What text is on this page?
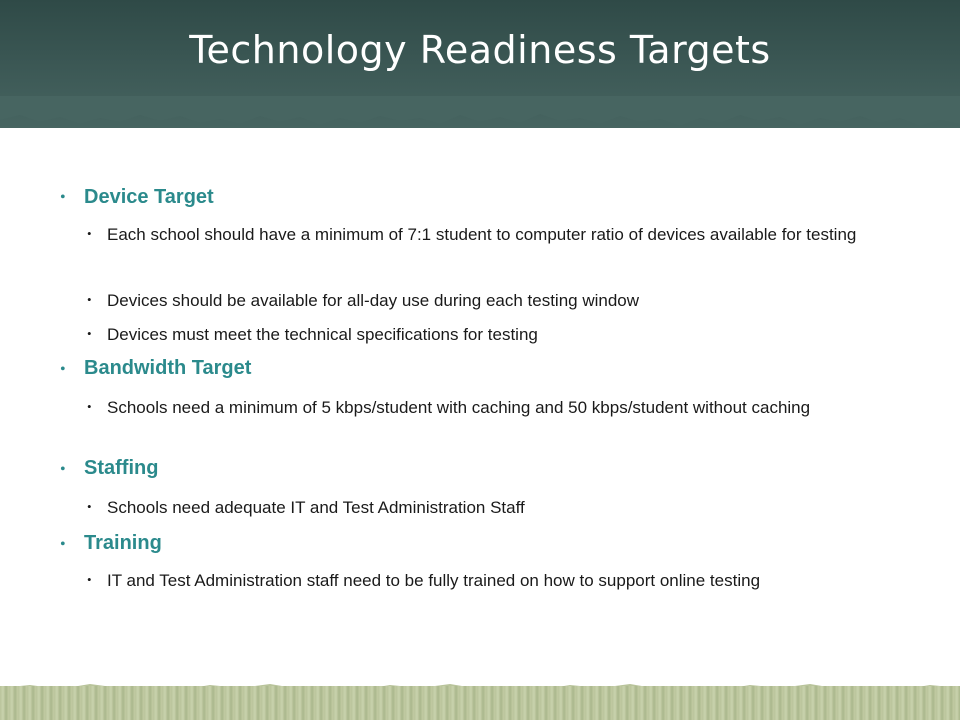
Technology Readiness Targets
• Device Target
• Each school should have a minimum of 7:1 student to computer ratio of devices available for testing
• Devices should be available for all-day use during each testing window
• Devices must meet the technical specifications for testing
• Bandwidth Target
• Schools need a minimum of 5 kbps/student with caching and 50 kbps/student without caching
• Staffing
• Schools need adequate IT and Test Administration Staff
• Training
• IT and Test Administration staff need to be fully trained on how to support online testing
